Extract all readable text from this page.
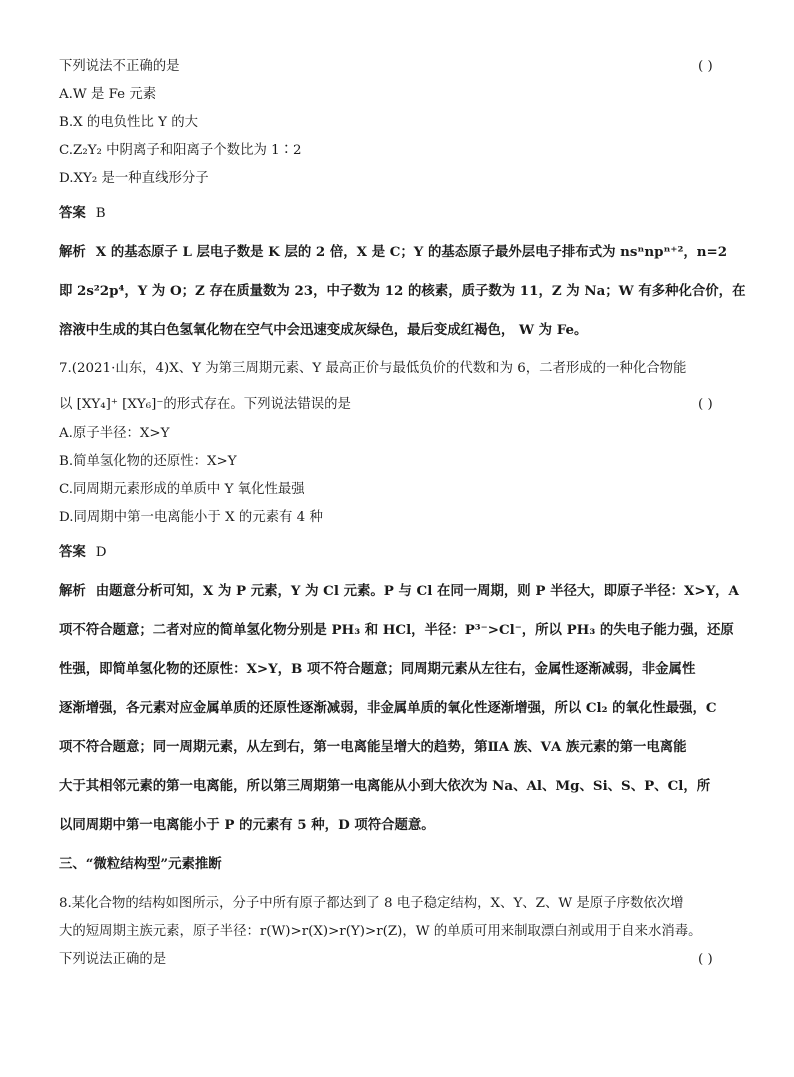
下列说法不正确的是	( )
A.W 是 Fe 元素
B.X 的电负性比 Y 的大
C.Z₂Y₂ 中阴离子和阳离子个数比为 1∶2
D.XY₂ 是一种直线形分子
答案 B
解析 X 的基态原子 L 层电子数是 K 层的 2 倍，X 是 C；Y 的基态原子最外层电子排布式为 nsⁿnpⁿ⁺²，n=2
即 2s²2p⁴，Y 为 O；Z 存在质量数为 23，中子数为 12 的核素，质子数为 11，Z 为 Na；W 有多种化合价，在
溶液中生成的其白色氢氧化物在空气中会迅速变成灰绿色，最后变成红褐色， W 为 Fe。
7.(2021·山东，4)X、Y 为第三周期元素、Y 最高正价与最低负价的代数和为 6，二者形成的一种化合物能
以 [XY₄]⁺ [XY₆]⁻的形式存在。下列说法错误的是	( )
A.原子半径：X>Y
B.简单氢化物的还原性：X>Y
C.同周期元素形成的单质中 Y 氧化性最强
D.同周期中第一电离能小于 X 的元素有 4 种
答案 D
解析 由题意分析可知，X 为 P 元素，Y 为 Cl 元素。P 与 Cl 在同一周期，则 P 半径大，即原子半径：X>Y，A
项不符合题意；二者对应的简单氢化物分别是 PH₃ 和 HCl，半径：P³⁻>Cl⁻，所以 PH₃ 的失电子能力强，还原
性强，即简单氢化物的还原性：X>Y，B 项不符合题意；同周期元素从左往右，金属性逐渐减弱，非金属性
逐渐增强，各元素对应金属单质的还原性逐渐减弱，非金属单质的氧化性逐渐增强，所以 Cl₂ 的氧化性最强，C
项不符合题意；同一周期元素，从左到右，第一电离能呈增大的趋势，第ⅡA 族、ⅤA 族元素的第一电离能
大于其相邻元素的第一电离能，所以第三周期第一电离能从小到大依次为 Na、Al、Mg、Si、S、P、Cl，所
以同周期中第一电离能小于 P 的元素有 5 种，D 项符合题意。
三、“微粒结构型”元素推断
8.某化合物的结构如图所示，分子中所有原子都达到了 8 电子稳定结构，X、Y、Z、W 是原子序数依次增
大的短周期主族元素，原子半径：r(W)>r(X)>r(Y)>r(Z)，W 的单质可用来制取漂白剂或用于自来水消毒。
下列说法正确的是	( )
